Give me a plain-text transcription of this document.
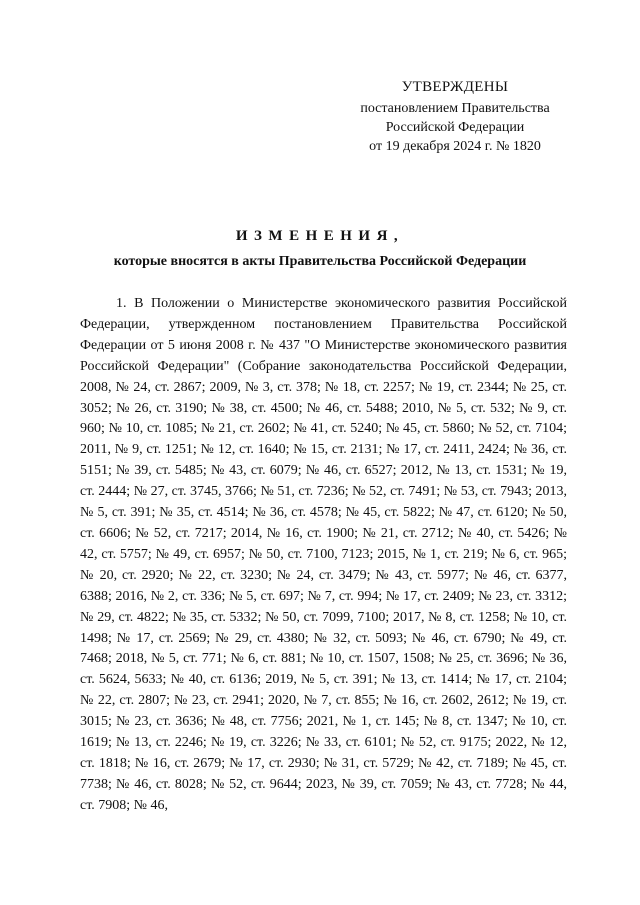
УТВЕРЖДЕНЫ
постановлением Правительства
Российской Федерации
от 19 декабря 2024 г. № 1820
ИЗМЕНЕНИЯ,
которые вносятся в акты Правительства Российской Федерации

1. В Положении о Министерстве экономического развития Российской Федерации, утвержденном постановлением Правительства Российской Федерации от 5 июня 2008 г. № 437 "О Министерстве экономического развития Российской Федерации" (Собрание законодательства Российской Федерации, 2008, № 24, ст. 2867; 2009, № 3, ст. 378; № 18, ст. 2257; № 19, ст. 2344; № 25, ст. 3052; № 26, ст. 3190; № 38, ст. 4500; № 46, ст. 5488; 2010, № 5, ст. 532; № 9, ст. 960; № 10, ст. 1085; № 21, ст. 2602; № 41, ст. 5240; № 45, ст. 5860; № 52, ст. 7104; 2011, № 9, ст. 1251; № 12, ст. 1640; № 15, ст. 2131; № 17, ст. 2411, 2424; № 36, ст. 5151; № 39, ст. 5485; № 43, ст. 6079; № 46, ст. 6527; 2012, № 13, ст. 1531; № 19, ст. 2444; № 27, ст. 3745, 3766; № 51, ст. 7236; № 52, ст. 7491; № 53, ст. 7943; 2013, № 5, ст. 391; № 35, ст. 4514; № 36, ст. 4578; № 45, ст. 5822; № 47, ст. 6120; № 50, ст. 6606; № 52, ст. 7217; 2014, № 16, ст. 1900; № 21, ст. 2712; № 40, ст. 5426; № 42, ст. 5757; № 49, ст. 6957; № 50, ст. 7100, 7123; 2015, № 1, ст. 219; № 6, ст. 965; № 20, ст. 2920; № 22, ст. 3230; № 24, ст. 3479; № 43, ст. 5977; № 46, ст. 6377, 6388; 2016, № 2, ст. 336; № 5, ст. 697; № 7, ст. 994; № 17, ст. 2409; № 23, ст. 3312; № 29, ст. 4822; № 35, ст. 5332; № 50, ст. 7099, 7100; 2017, № 8, ст. 1258; № 10, ст. 1498; № 17, ст. 2569; № 29, ст. 4380; № 32, ст. 5093; № 46, ст. 6790; № 49, ст. 7468; 2018, № 5, ст. 771; № 6, ст. 881; № 10, ст. 1507, 1508; № 25, ст. 3696; № 36, ст. 5624, 5633; № 40, ст. 6136; 2019, № 5, ст. 391; № 13, ст. 1414; № 17, ст. 2104; № 22, ст. 2807; № 23, ст. 2941; 2020, № 7, ст. 855; № 16, ст. 2602, 2612; № 19, ст. 3015; № 23, ст. 3636; № 48, ст. 7756; 2021, № 1, ст. 145; № 8, ст. 1347; № 10, ст. 1619; № 13, ст. 2246; № 19, ст. 3226; № 33, ст. 6101; № 52, ст. 9175; 2022, № 12, ст. 1818; № 16, ст. 2679; № 17, ст. 2930; № 31, ст. 5729; № 42, ст. 7189; № 45, ст. 7738; № 46, ст. 8028; № 52, ст. 9644; 2023, № 39, ст. 7059; № 43, ст. 7728; № 44, ст. 7908; № 46,
